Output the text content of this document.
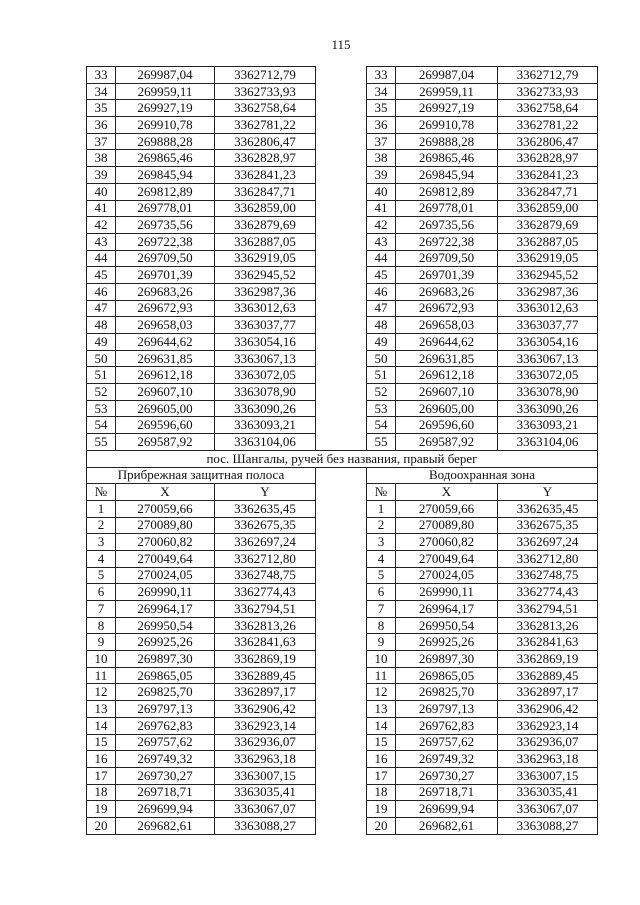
115
33	269987,04	3362712,79		33	269987,04	3362712,79
34	269959,11	3362733,93		34	269959,11	3362733,93
35	269927,19	3362758,64		35	269927,19	3362758,64
36	269910,78	3362781,22		36	269910,78	3362781,22
37	269888,28	3362806,47		37	269888,28	3362806,47
38	269865,46	3362828,97		38	269865,46	3362828,97
39	269845,94	3362841,23		39	269845,94	3362841,23
40	269812,89	3362847,71		40	269812,89	3362847,71
41	269778,01	3362859,00		41	269778,01	3362859,00
42	269735,56	3362879,69		42	269735,56	3362879,69
43	269722,38	3362887,05		43	269722,38	3362887,05
44	269709,50	3362919,05		44	269709,50	3362919,05
45	269701,39	3362945,52		45	269701,39	3362945,52
46	269683,26	3362987,36		46	269683,26	3362987,36
47	269672,93	3363012,63		47	269672,93	3363012,63
48	269658,03	3363037,77		48	269658,03	3363037,77
49	269644,62	3363054,16		49	269644,62	3363054,16
50	269631,85	3363067,13		50	269631,85	3363067,13
51	269612,18	3363072,05		51	269612,18	3363072,05
52	269607,10	3363078,90		52	269607,10	3363078,90
53	269605,00	3363090,26		53	269605,00	3363090,26
54	269596,60	3363093,21		54	269596,60	3363093,21
55	269587,92	3363104,06		55	269587,92	3363104,06
пос. Шангалы, ручей без названия, правый берег						
Прибрежная защитная полоса				Водоохранная зона		
№	X	Y		№	X	Y
1	270059,66	3362635,45		1	270059,66	3362635,45
2	270089,80	3362675,35		2	270089,80	3362675,35
3	270060,82	3362697,24		3	270060,82	3362697,24
4	270049,64	3362712,80		4	270049,64	3362712,80
5	270024,05	3362748,75		5	270024,05	3362748,75
6	269990,11	3362774,43		6	269990,11	3362774,43
7	269964,17	3362794,51		7	269964,17	3362794,51
8	269950,54	3362813,26		8	269950,54	3362813,26
9	269925,26	3362841,63		9	269925,26	3362841,63
10	269897,30	3362869,19		10	269897,30	3362869,19
11	269865,05	3362889,45		11	269865,05	3362889,45
12	269825,70	3362897,17		12	269825,70	3362897,17
13	269797,13	3362906,42		13	269797,13	3362906,42
14	269762,83	3362923,14		14	269762,83	3362923,14
15	269757,62	3362936,07		15	269757,62	3362936,07
16	269749,32	3362963,18		16	269749,32	3362963,18
17	269730,27	3363007,15		17	269730,27	3363007,15
18	269718,71	3363035,41		18	269718,71	3363035,41
19	269699,94	3363067,07		19	269699,94	3363067,07
20	269682,61	3363088,27		20	269682,61	3363088,27
